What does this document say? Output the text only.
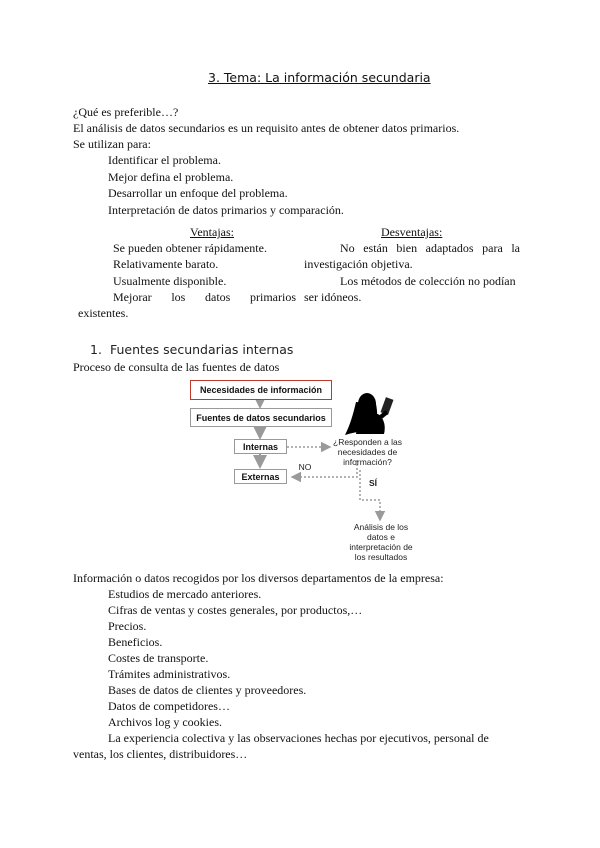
3. Tema: La información secundaria
¿Qué es preferible…?
El análisis de datos secundarios es un requisito antes de obtener datos primarios.
Se utilizan para:
Identificar el problema.
Mejor defina el problema.
Desarrollar un enfoque del problema.
Interpretación de datos primarios y comparación.
Ventajas:	Desventajas:
Se pueden obtener rápidamente.
Relativamente barato.
Usualmente disponible.
Mejorar los datos primarios
existentes.
No están bien adaptados para la
investigación objetiva.
Los métodos de colección no podían
ser idóneos.
1. Fuentes secundarias internas
Proceso de consulta de las fuentes de datos
Necesidades de información
Fuentes de datos secundarios
Internas
Externas
¿Responden a las
necesidades de
información?
NO
SÍ
Análisis de los
datos e
interpretación de
los resultados
Información o datos recogidos por los diversos departamentos de la empresa:
Estudios de mercado anteriores.
Cifras de ventas y costes generales, por productos,…
Precios.
Beneficios.
Costes de transporte.
Trámites administrativos.
Bases de datos de clientes y proveedores.
Datos de competidores…
Archivos log y cookies.
La experiencia colectiva y las observaciones hechas por ejecutivos, personal de
ventas, los clientes, distribuidores…
